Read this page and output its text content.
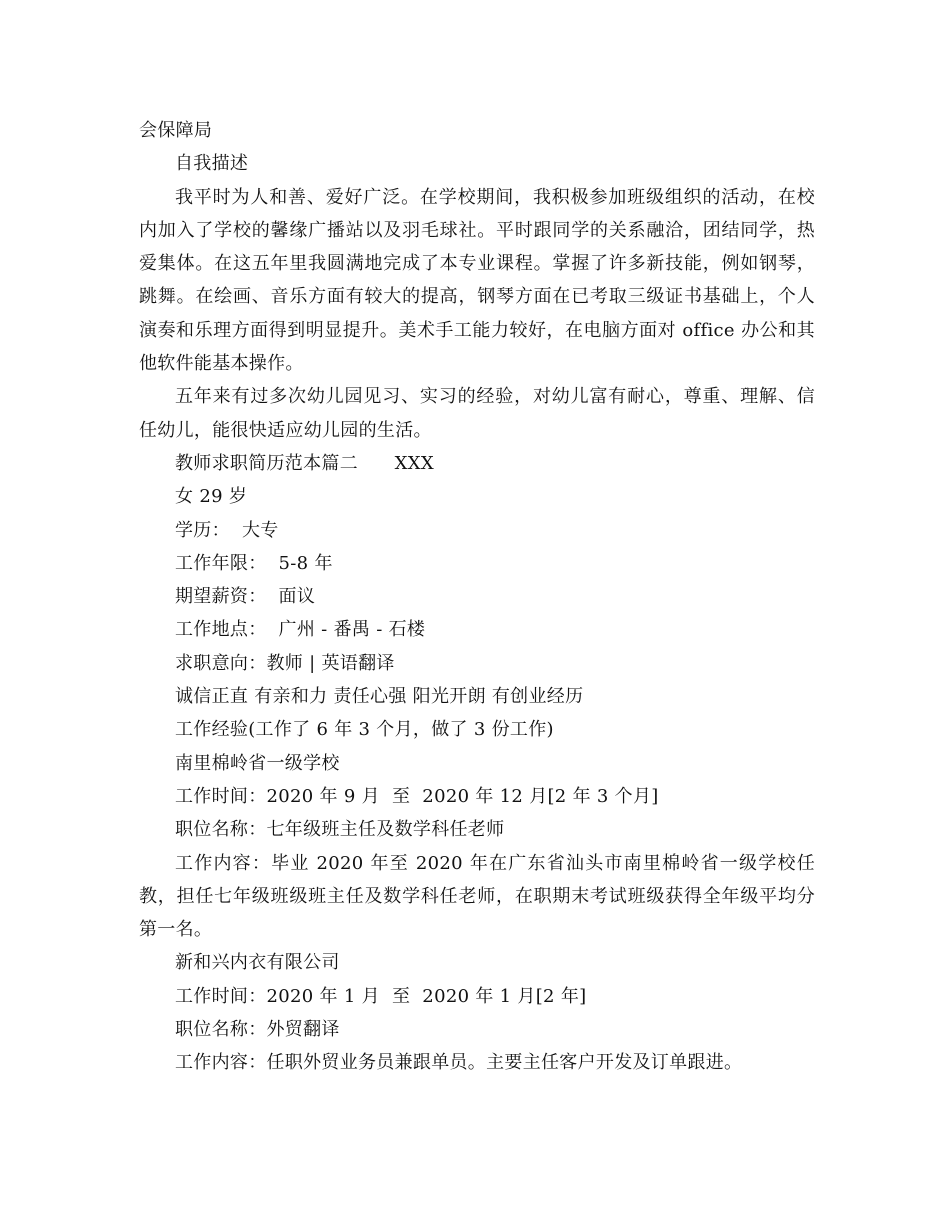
会保障局

自我描述

我平时为人和善、爱好广泛。在学校期间，我积极参加班级组织的活动，在校内加入了学校的馨缘广播站以及羽毛球社。平时跟同学的关系融洽，团结同学，热爱集体。在这五年里我圆满地完成了本专业课程。掌握了许多新技能，例如钢琴，跳舞。在绘画、音乐方面有较大的提高，钢琴方面在已考取三级证书基础上，个人演奏和乐理方面得到明显提升。美术手工能力较好，在电脑方面对 office 办公和其他软件能基本操作。

五年来有过多次幼儿园见习、实习的经验，对幼儿富有耐心，尊重、理解、信任幼儿，能很快适应幼儿园的生活。

教师求职简历范本篇二　　XXX

女 29 岁

学历：  大专

工作年限：  5-8 年

期望薪资：  面议

工作地点：  广州 - 番禺 - 石楼

求职意向：教师 | 英语翻译

诚信正直 有亲和力 责任心强 阳光开朗 有创业经历

工作经验(工作了 6 年 3 个月，做了 3 份工作)

南里棉岭省一级学校

工作时间：2020 年 9 月  至  2020 年 12 月[2 年 3 个月]

职位名称：七年级班主任及数学科任老师

工作内容：毕业 2020 年至 2020 年在广东省汕头市南里棉岭省一级学校任教，担任七年级班级班主任及数学科任老师，在职期末考试班级获得全年级平均分第一名。

新和兴内衣有限公司

工作时间：2020 年 1 月  至  2020 年 1 月[2 年]

职位名称：外贸翻译

工作内容：任职外贸业务员兼跟单员。主要主任客户开发及订单跟进。
